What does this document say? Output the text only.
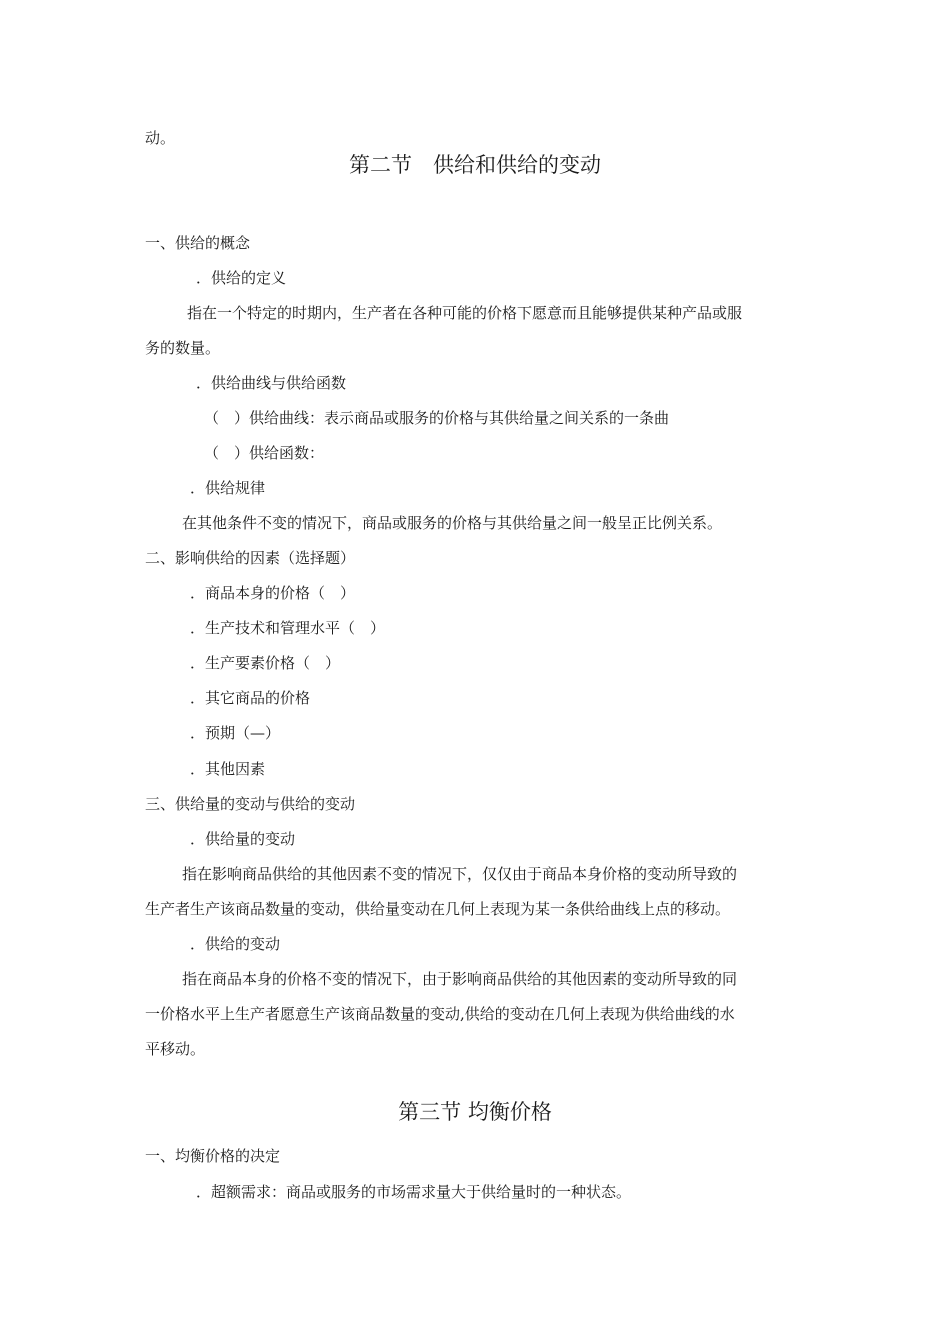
动。
第二节　供给和供给的变动
一、供给的概念
．供给的定义
指在一个特定的时期内，生产者在各种可能的价格下愿意而且能够提供某种产品或服
务的数量。
．供给曲线与供给函数
（　）供给曲线：表示商品或服务的价格与其供给量之间关系的一条曲
（　）供给函数：
．供给规律
在其他条件不变的情况下，商品或服务的价格与其供给量之间一般呈正比例关系。
二、影响供给的因素（选择题）
．商品本身的价格（　）
．生产技术和管理水平（　）
．生产要素价格（　）
．其它商品的价格
．预期（—）
．其他因素
三、供给量的变动与供给的变动
．供给量的变动
指在影响商品供给的其他因素不变的情况下，仅仅由于商品本身价格的变动所导致的
生产者生产该商品数量的变动，供给量变动在几何上表现为某一条供给曲线上点的移动。
．供给的变动
指在商品本身的价格不变的情况下，由于影响商品供给的其他因素的变动所导致的同
一价格水平上生产者愿意生产该商品数量的变动,供给的变动在几何上表现为供给曲线的水
平移动。
第三节 均衡价格
一、均衡价格的决定
．超额需求：商品或服务的市场需求量大于供给量时的一种状态。
